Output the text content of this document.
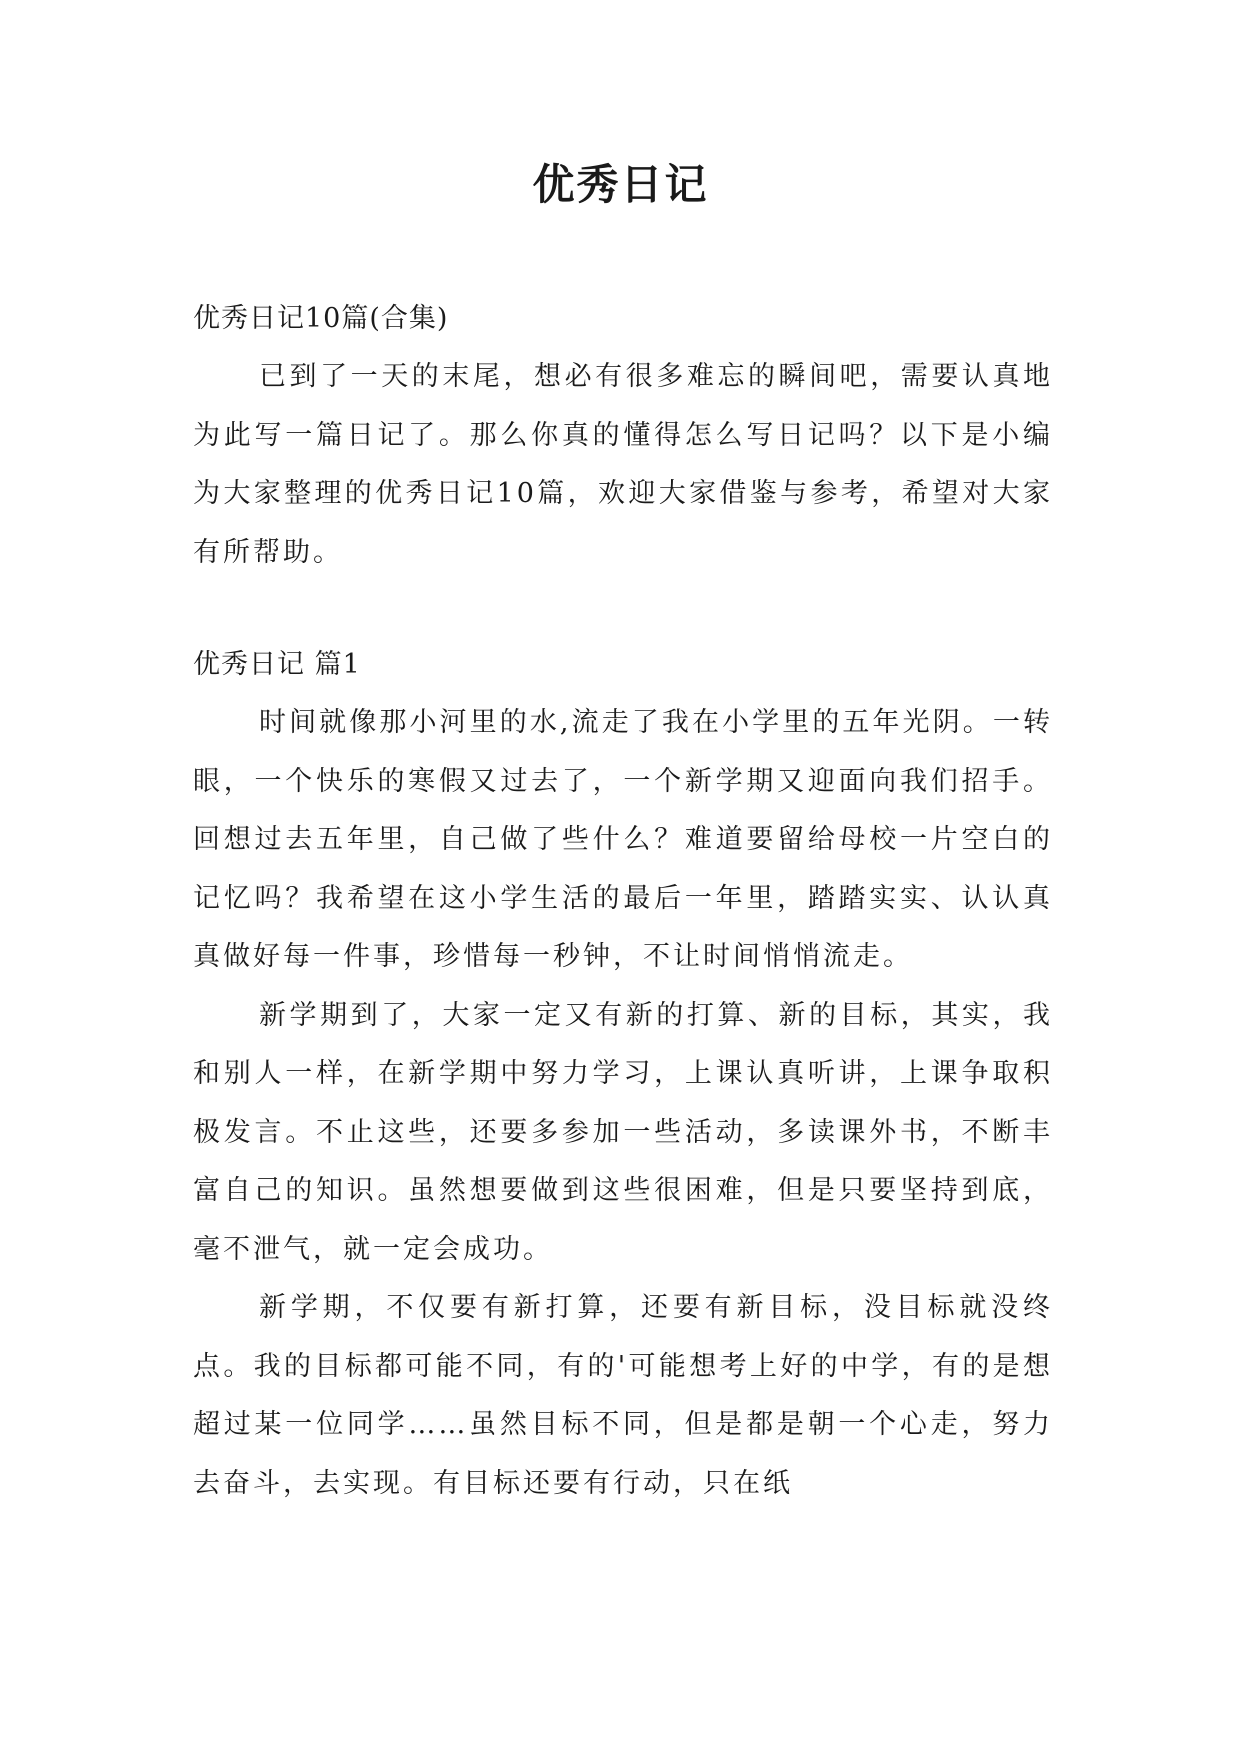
优秀日记

优秀日记10篇(合集)

已到了一天的末尾，想必有很多难忘的瞬间吧，需要认真地为此写一篇日记了。那么你真的懂得怎么写日记吗？以下是小编为大家整理的优秀日记10篇，欢迎大家借鉴与参考，希望对大家有所帮助。

优秀日记 篇1

时间就像那小河里的水,流走了我在小学里的五年光阴。一转眼，一个快乐的寒假又过去了，一个新学期又迎面向我们招手。回想过去五年里，自己做了些什么？难道要留给母校一片空白的记忆吗？我希望在这小学生活的最后一年里，踏踏实实、认认真真做好每一件事，珍惜每一秒钟，不让时间悄悄流走。

新学期到了，大家一定又有新的打算、新的目标，其实，我和别人一样，在新学期中努力学习，上课认真听讲，上课争取积极发言。不止这些，还要多参加一些活动，多读课外书，不断丰富自己的知识。虽然想要做到这些很困难，但是只要坚持到底，毫不泄气，就一定会成功。

新学期，不仅要有新打算，还要有新目标，没目标就没终点。我的目标都可能不同，有的'可能想考上好的中学，有的是想超过某一位同学……虽然目标不同，但是都是朝一个心走，努力去奋斗，去实现。有目标还要有行动，只在纸
